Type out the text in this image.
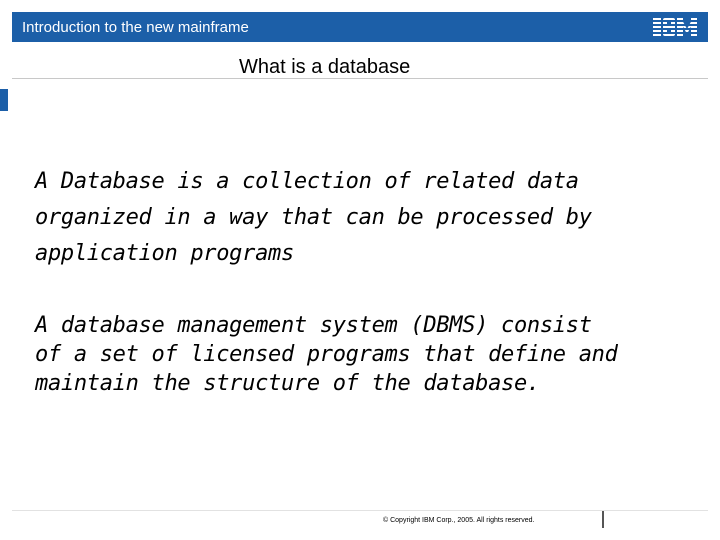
Introduction to the new mainframe
What is a database
A Database is a collection of related data
organized in a way that can be processed by
application programs
A database management system (DBMS) consist
of a set of licensed programs that define and
maintain the structure of the database.
© Copyright IBM Corp., 2005. All rights reserved.
